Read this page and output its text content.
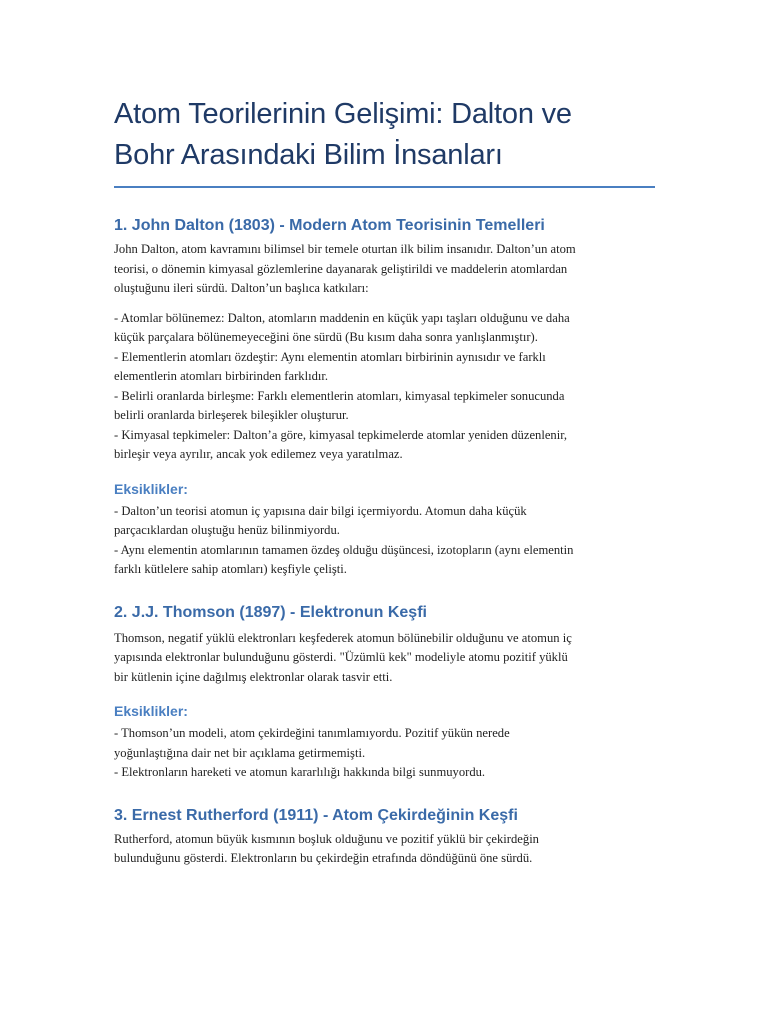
Atom Teorilerinin Gelişimi: Dalton ve
Bohr Arasındaki Bilim İnsanları
1. John Dalton (1803) - Modern Atom Teorisinin Temelleri

John Dalton, atom kavramını bilimsel bir temele oturtan ilk bilim insanıdır. Dalton’un atom
teorisi, o dönemin kimyasal gözlemlerine dayanarak geliştirildi ve maddelerin atomlardan
oluştuğunu ileri sürdü. Dalton’un başlıca katkıları:

- Atomlar bölünemez: Dalton, atomların maddenin en küçük yapı taşları olduğunu ve daha
küçük parçalara bölünemeyeceğini öne sürdü (Bu kısım daha sonra yanlışlanmıştır).
- Elementlerin atomları özdeştir: Aynı elementin atomları birbirinin aynısıdır ve farklı
elementlerin atomları birbirinden farklıdır.
- Belirli oranlarda birleşme: Farklı elementlerin atomları, kimyasal tepkimeler sonucunda
belirli oranlarda birleşerek bileşikler oluşturur.
- Kimyasal tepkimeler: Dalton’a göre, kimyasal tepkimelerde atomlar yeniden düzenlenir,
birleşir veya ayrılır, ancak yok edilemez veya yaratılmaz.

Eksiklikler:

- Dalton’un teorisi atomun iç yapısına dair bilgi içermiyordu. Atomun daha küçük
parçacıklardan oluştuğu henüz bilinmiyordu.
- Aynı elementin atomlarının tamamen özdeş olduğu düşüncesi, izotopların (aynı elementin
farklı kütlelere sahip atomları) keşfiyle çelişti.

2. J.J. Thomson (1897) - Elektronun Keşfi

Thomson, negatif yüklü elektronları keşfederek atomun bölünebilir olduğunu ve atomun iç
yapısında elektronlar bulunduğunu gösterdi. "Üzümlü kek" modeliyle atomu pozitif yüklü
bir kütlenin içine dağılmış elektronlar olarak tasvir etti.

Eksiklikler:

- Thomson’un modeli, atom çekirdeğini tanımlamıyordu. Pozitif yükün nerede
yoğunlaştığına dair net bir açıklama getirmemişti.
- Elektronların hareketi ve atomun kararlılığı hakkında bilgi sunmuyordu.

3. Ernest Rutherford (1911) - Atom Çekirdeğinin Keşfi

Rutherford, atomun büyük kısmının boşluk olduğunu ve pozitif yüklü bir çekirdeğin
bulunduğunu gösterdi. Elektronların bu çekirdeğin etrafında döndüğünü öne sürdü.
